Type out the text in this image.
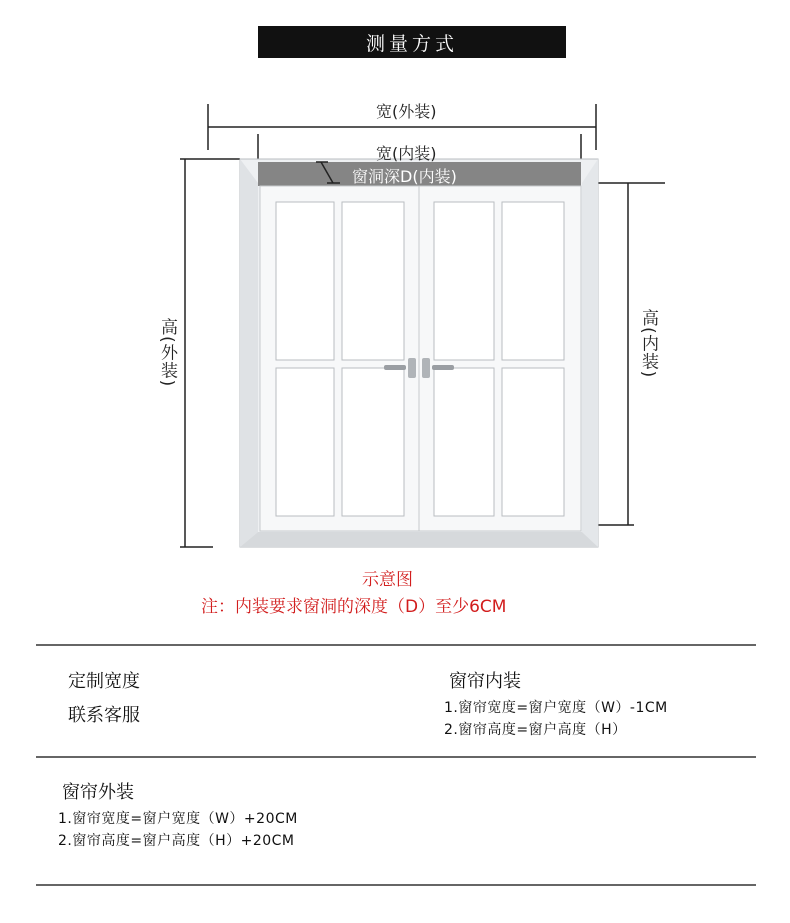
测量方式
宽(外装)
宽(内装)
窗洞深D(内装)
高(外装)	高(内装)
示意图
注：内装要求窗洞的深度（D）至少6CM
定制宽度
联系客服
窗帘内装
1.窗帘宽度=窗户宽度（W）-1CM
2.窗帘高度=窗户高度（H）
窗帘外装
1.窗帘宽度=窗户宽度（W）+20CM
2.窗帘高度=窗户高度（H）+20CM
